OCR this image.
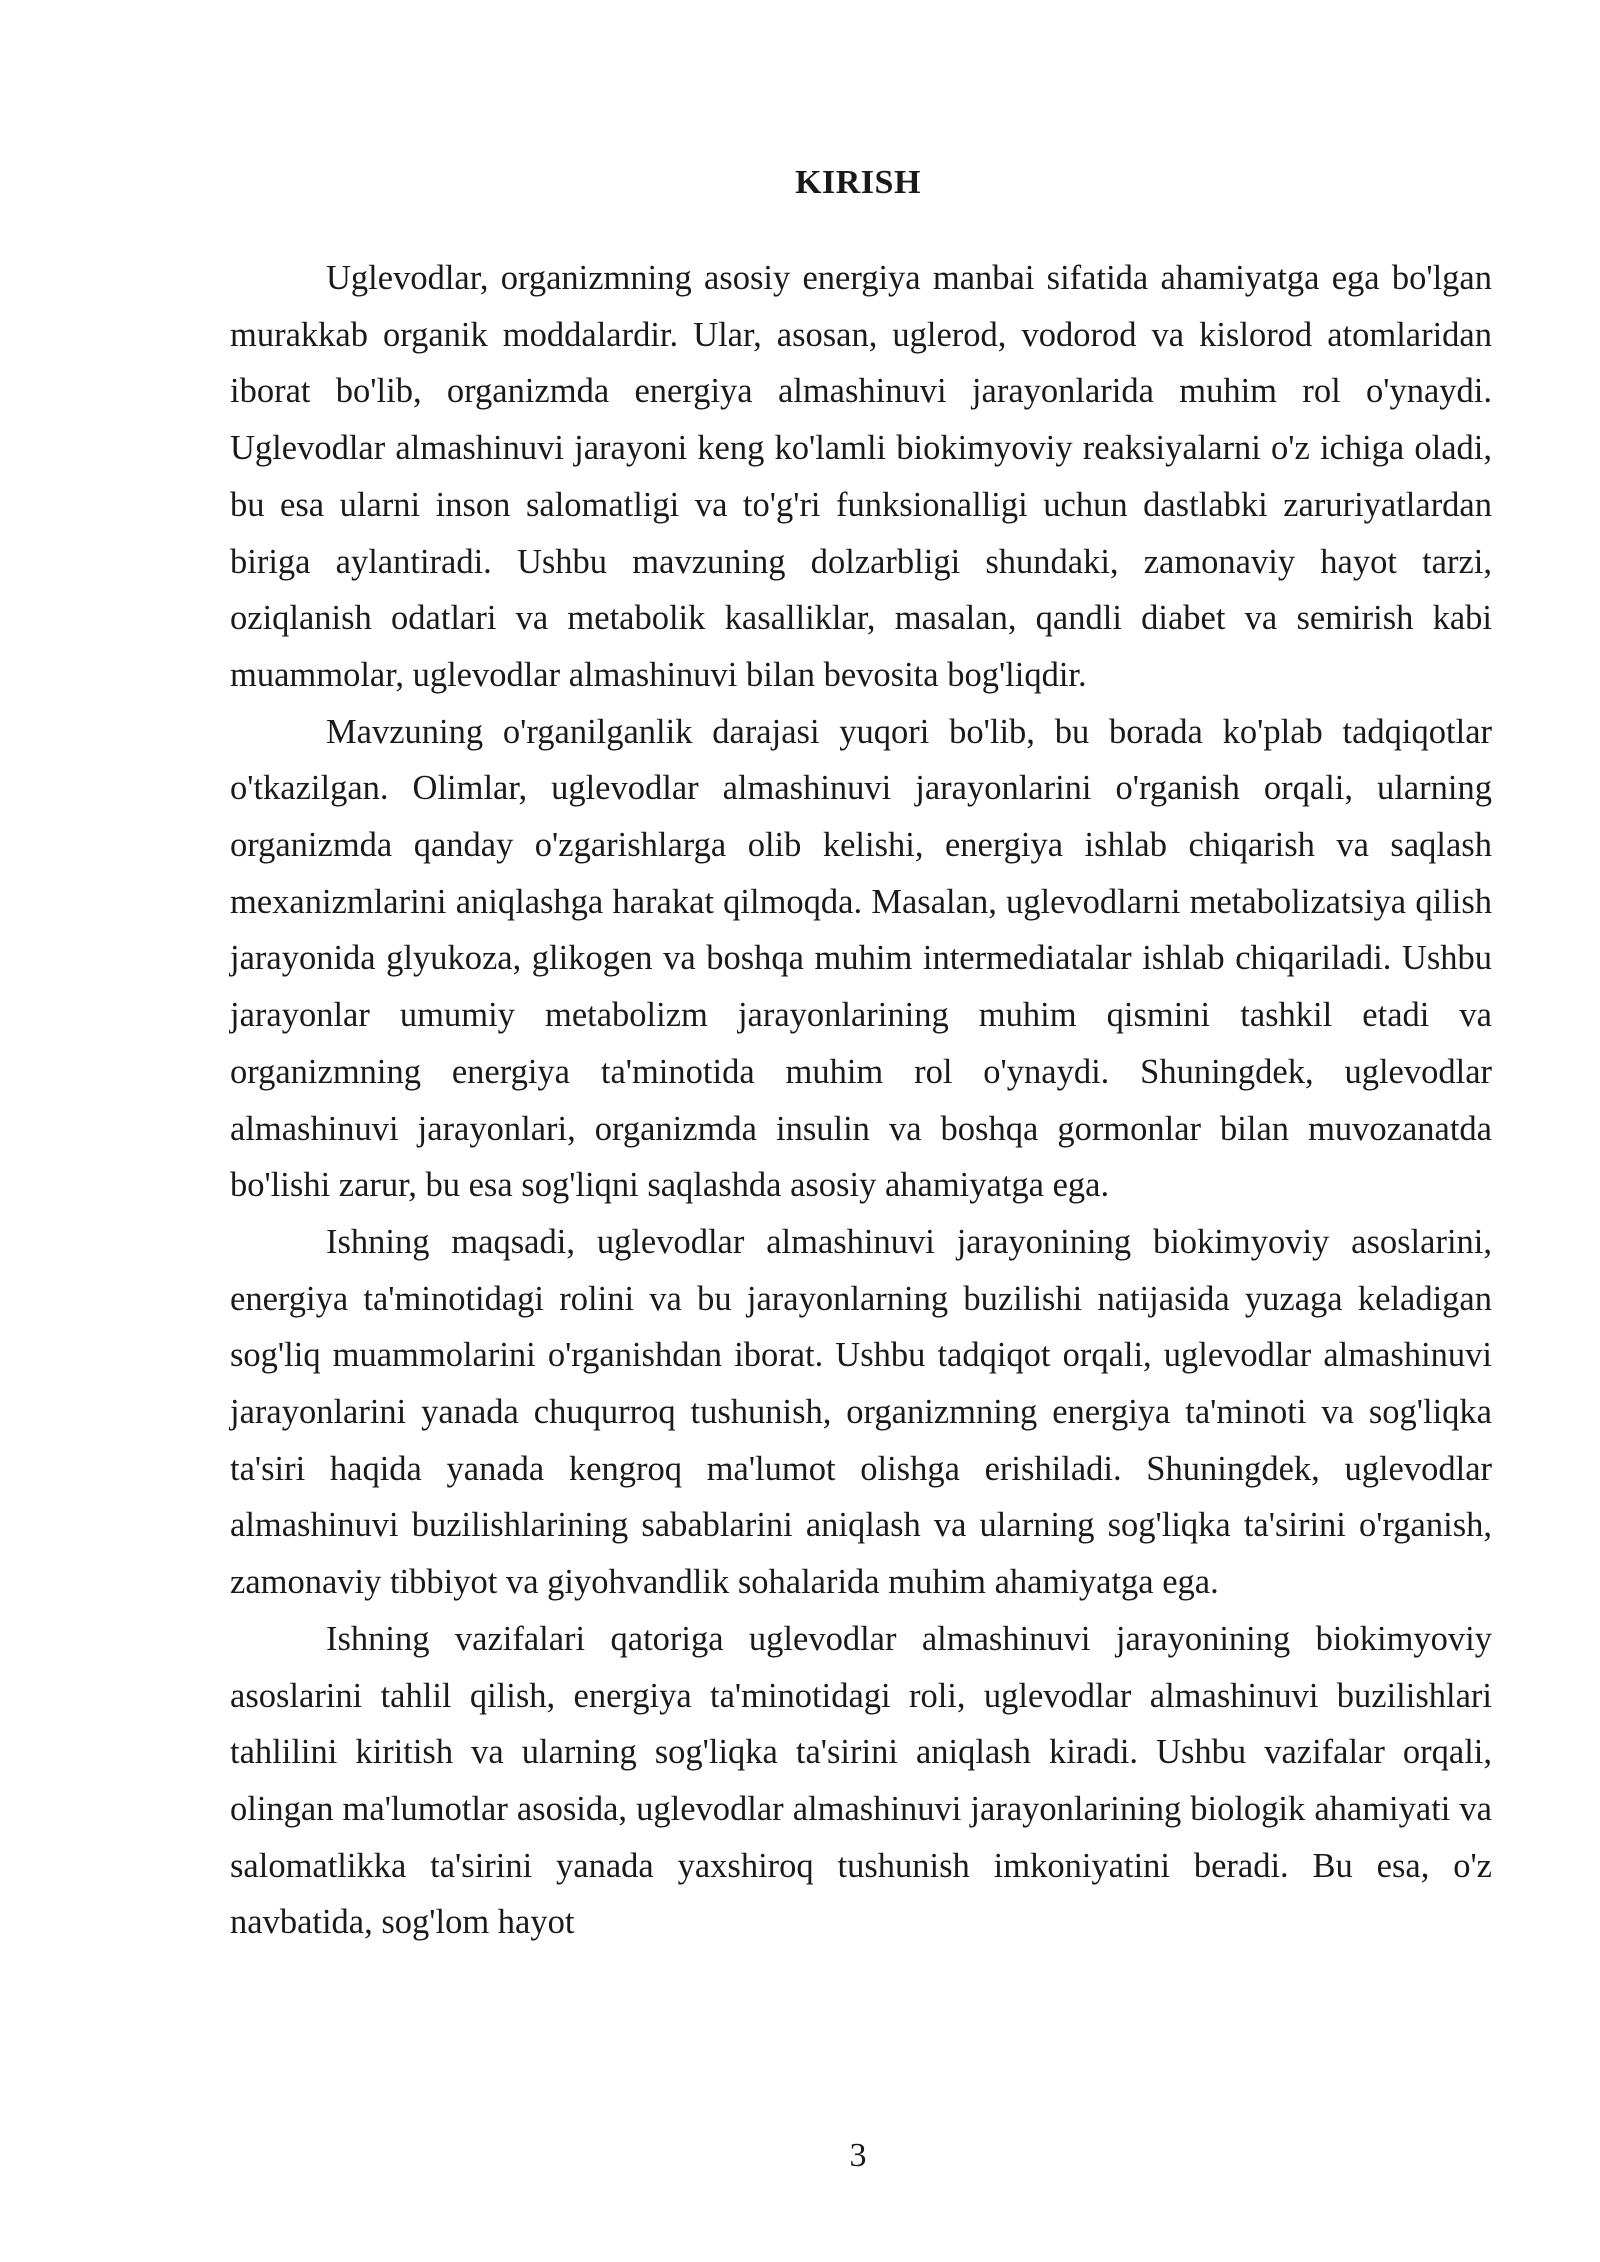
KIRISH

Uglevodlar, organizmning asosiy energiya manbai sifatida ahamiyatga ega bo'lgan murakkab organik moddalardir. Ular, asosan, uglerod, vodorod va kislorod atomlaridan iborat bo'lib, organizmda energiya almashinuvi jarayonlarida muhim rol o'ynaydi. Uglevodlar almashinuvi jarayoni keng ko'lamli biokimyoviy reaksiyalarni o'z ichiga oladi, bu esa ularni inson salomatligi va to'g'ri funksionalligi uchun dastlabki zaruriyatlardan biriga aylantiradi. Ushbu mavzuning dolzarbligi shundaki, zamonaviy hayot tarzi, oziqlanish odatlari va metabolik kasalliklar, masalan, qandli diabet va semirish kabi muammolar, uglevodlar almashinuvi bilan bevosita bog'liqdir.

Mavzuning o'rganilganlik darajasi yuqori bo'lib, bu borada ko'plab tadqiqotlar o'tkazilgan. Olimlar, uglevodlar almashinuvi jarayonlarini o'rganish orqali, ularning organizmda qanday o'zgarishlarga olib kelishi, energiya ishlab chiqarish va saqlash mexanizmlarini aniqlashga harakat qilmoqda. Masalan, uglevodlarni metabolizatsiya qilish jarayonida glyukoza, glikogen va boshqa muhim intermediatalar ishlab chiqariladi. Ushbu jarayonlar umumiy metabolizm jarayonlarining muhim qismini tashkil etadi va organizmning energiya ta'minotida muhim rol o'ynaydi. Shuningdek, uglevodlar almashinuvi jarayonlari, organizmda insulin va boshqa gormonlar bilan muvozanatda bo'lishi zarur, bu esa sog'liqni saqlashda asosiy ahamiyatga ega.

Ishning maqsadi, uglevodlar almashinuvi jarayonining biokimyoviy asoslarini, energiya ta'minotidagi rolini va bu jarayonlarning buzilishi natijasida yuzaga keladigan sog'liq muammolarini o'rganishdan iborat. Ushbu tadqiqot orqali, uglevodlar almashinuvi jarayonlarini yanada chuqurroq tushunish, organizmning energiya ta'minoti va sog'liqka ta'siri haqida yanada kengroq ma'lumot olishga erishiladi. Shuningdek, uglevodlar almashinuvi buzilishlarining sabablarini aniqlash va ularning sog'liqka ta'sirini o'rganish, zamonaviy tibbiyot va giyohvandlik sohalarida muhim ahamiyatga ega.

Ishning vazifalari qatoriga uglevodlar almashinuvi jarayonining biokimyoviy asoslarini tahlil qilish, energiya ta'minotidagi roli, uglevodlar almashinuvi buzilishlari tahlilini kiritish va ularning sog'liqka ta'sirini aniqlash kiradi. Ushbu vazifalar orqali, olingan ma'lumotlar asosida, uglevodlar almashinuvi jarayonlarining biologik ahamiyati va salomatlikka ta'sirini yanada yaxshiroq tushunish imkoniyatini beradi. Bu esa, o'z navbatida, sog'lom hayot

3
